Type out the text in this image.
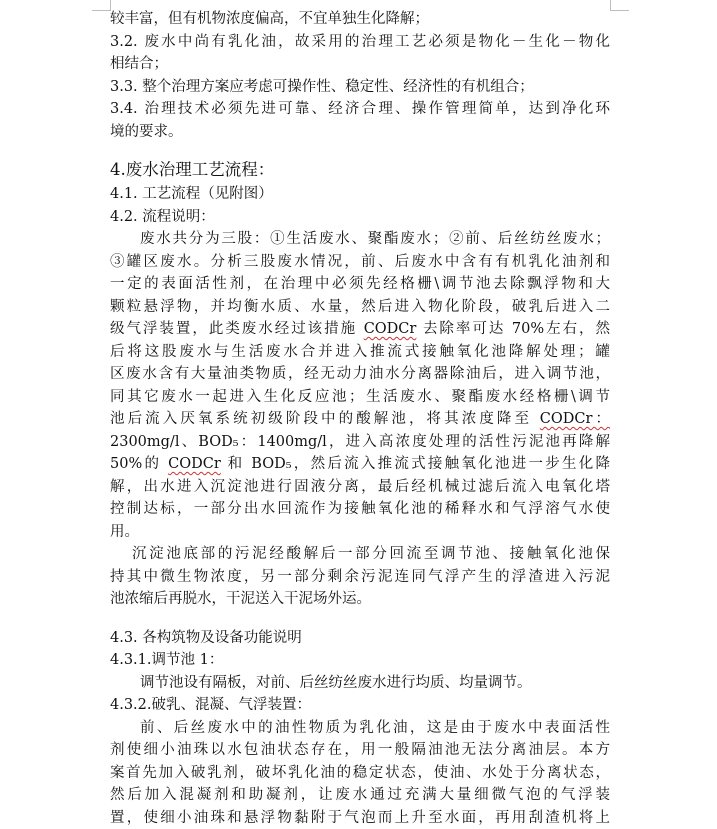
较丰富，但有机物浓度偏高，不宜单独生化降解；
3.2. 废水中尚有乳化油，故采用的治理工艺必须是物化－生化－物化
相结合；
3.3. 整个治理方案应考虑可操作性、稳定性、经济性的有机组合；
3.4. 治理技术必须先进可靠、经济合理、操作管理简单，达到净化环
境的要求。
4.废水治理工艺流程：
4.1. 工艺流程（见附图）
4.2. 流程说明：
废水共分为三股：①生活废水、聚酯废水；②前、后丝纺丝废水；
③罐区废水。分析三股废水情况，前、后废水中含有有机乳化油剂和
一定的表面活性剂，在治理中必须先经格栅\调节池去除飘浮物和大
颗粒悬浮物，并均衡水质、水量，然后进入物化阶段，破乳后进入二
级气浮装置，此类废水经过该措施 CODCr 去除率可达 70%左右，然
后将这股废水与生活废水合并进入推流式接触氧化池降解处理；罐
区废水含有大量油类物质，经无动力油水分离器除油后，进入调节池，
同其它废水一起进入生化反应池；生活废水、聚酯废水经格栅\调节
池后流入厌氧系统初级阶段中的酸解池，将其浓度降至 CODCr：
2300mg/l、BOD₅：1400mg/l，进入高浓度处理的活性污泥池再降解
50%的 CODCr 和 BOD₅，然后流入推流式接触氧化池进一步生化降
解，出水进入沉淀池进行固液分离，最后经机械过滤后流入电氧化塔
控制达标，一部分出水回流作为接触氧化池的稀释水和气浮溶气水使
用。
沉淀池底部的污泥经酸解后一部分回流至调节池、接触氧化池保
持其中微生物浓度，另一部分剩余污泥连同气浮产生的浮渣进入污泥
池浓缩后再脱水，干泥送入干泥场外运。
4.3. 各构筑物及设备功能说明
4.3.1.调节池 1：
调节池设有隔板，对前、后丝纺丝废水进行均质、均量调节。
4.3.2.破乳、混凝、气浮装置：
前、后丝废水中的油性物质为乳化油，这是由于废水中表面活性
剂使细小油珠以水包油状态存在，用一般隔油池无法分离油层。本方
案首先加入破乳剂，破坏乳化油的稳定状态，使油、水处于分离状态，
然后加入混凝剂和助凝剂，让废水通过充满大量细微气泡的气浮装
置，使细小油珠和悬浮物黏附于气泡而上升至水面，再用刮渣机将上
